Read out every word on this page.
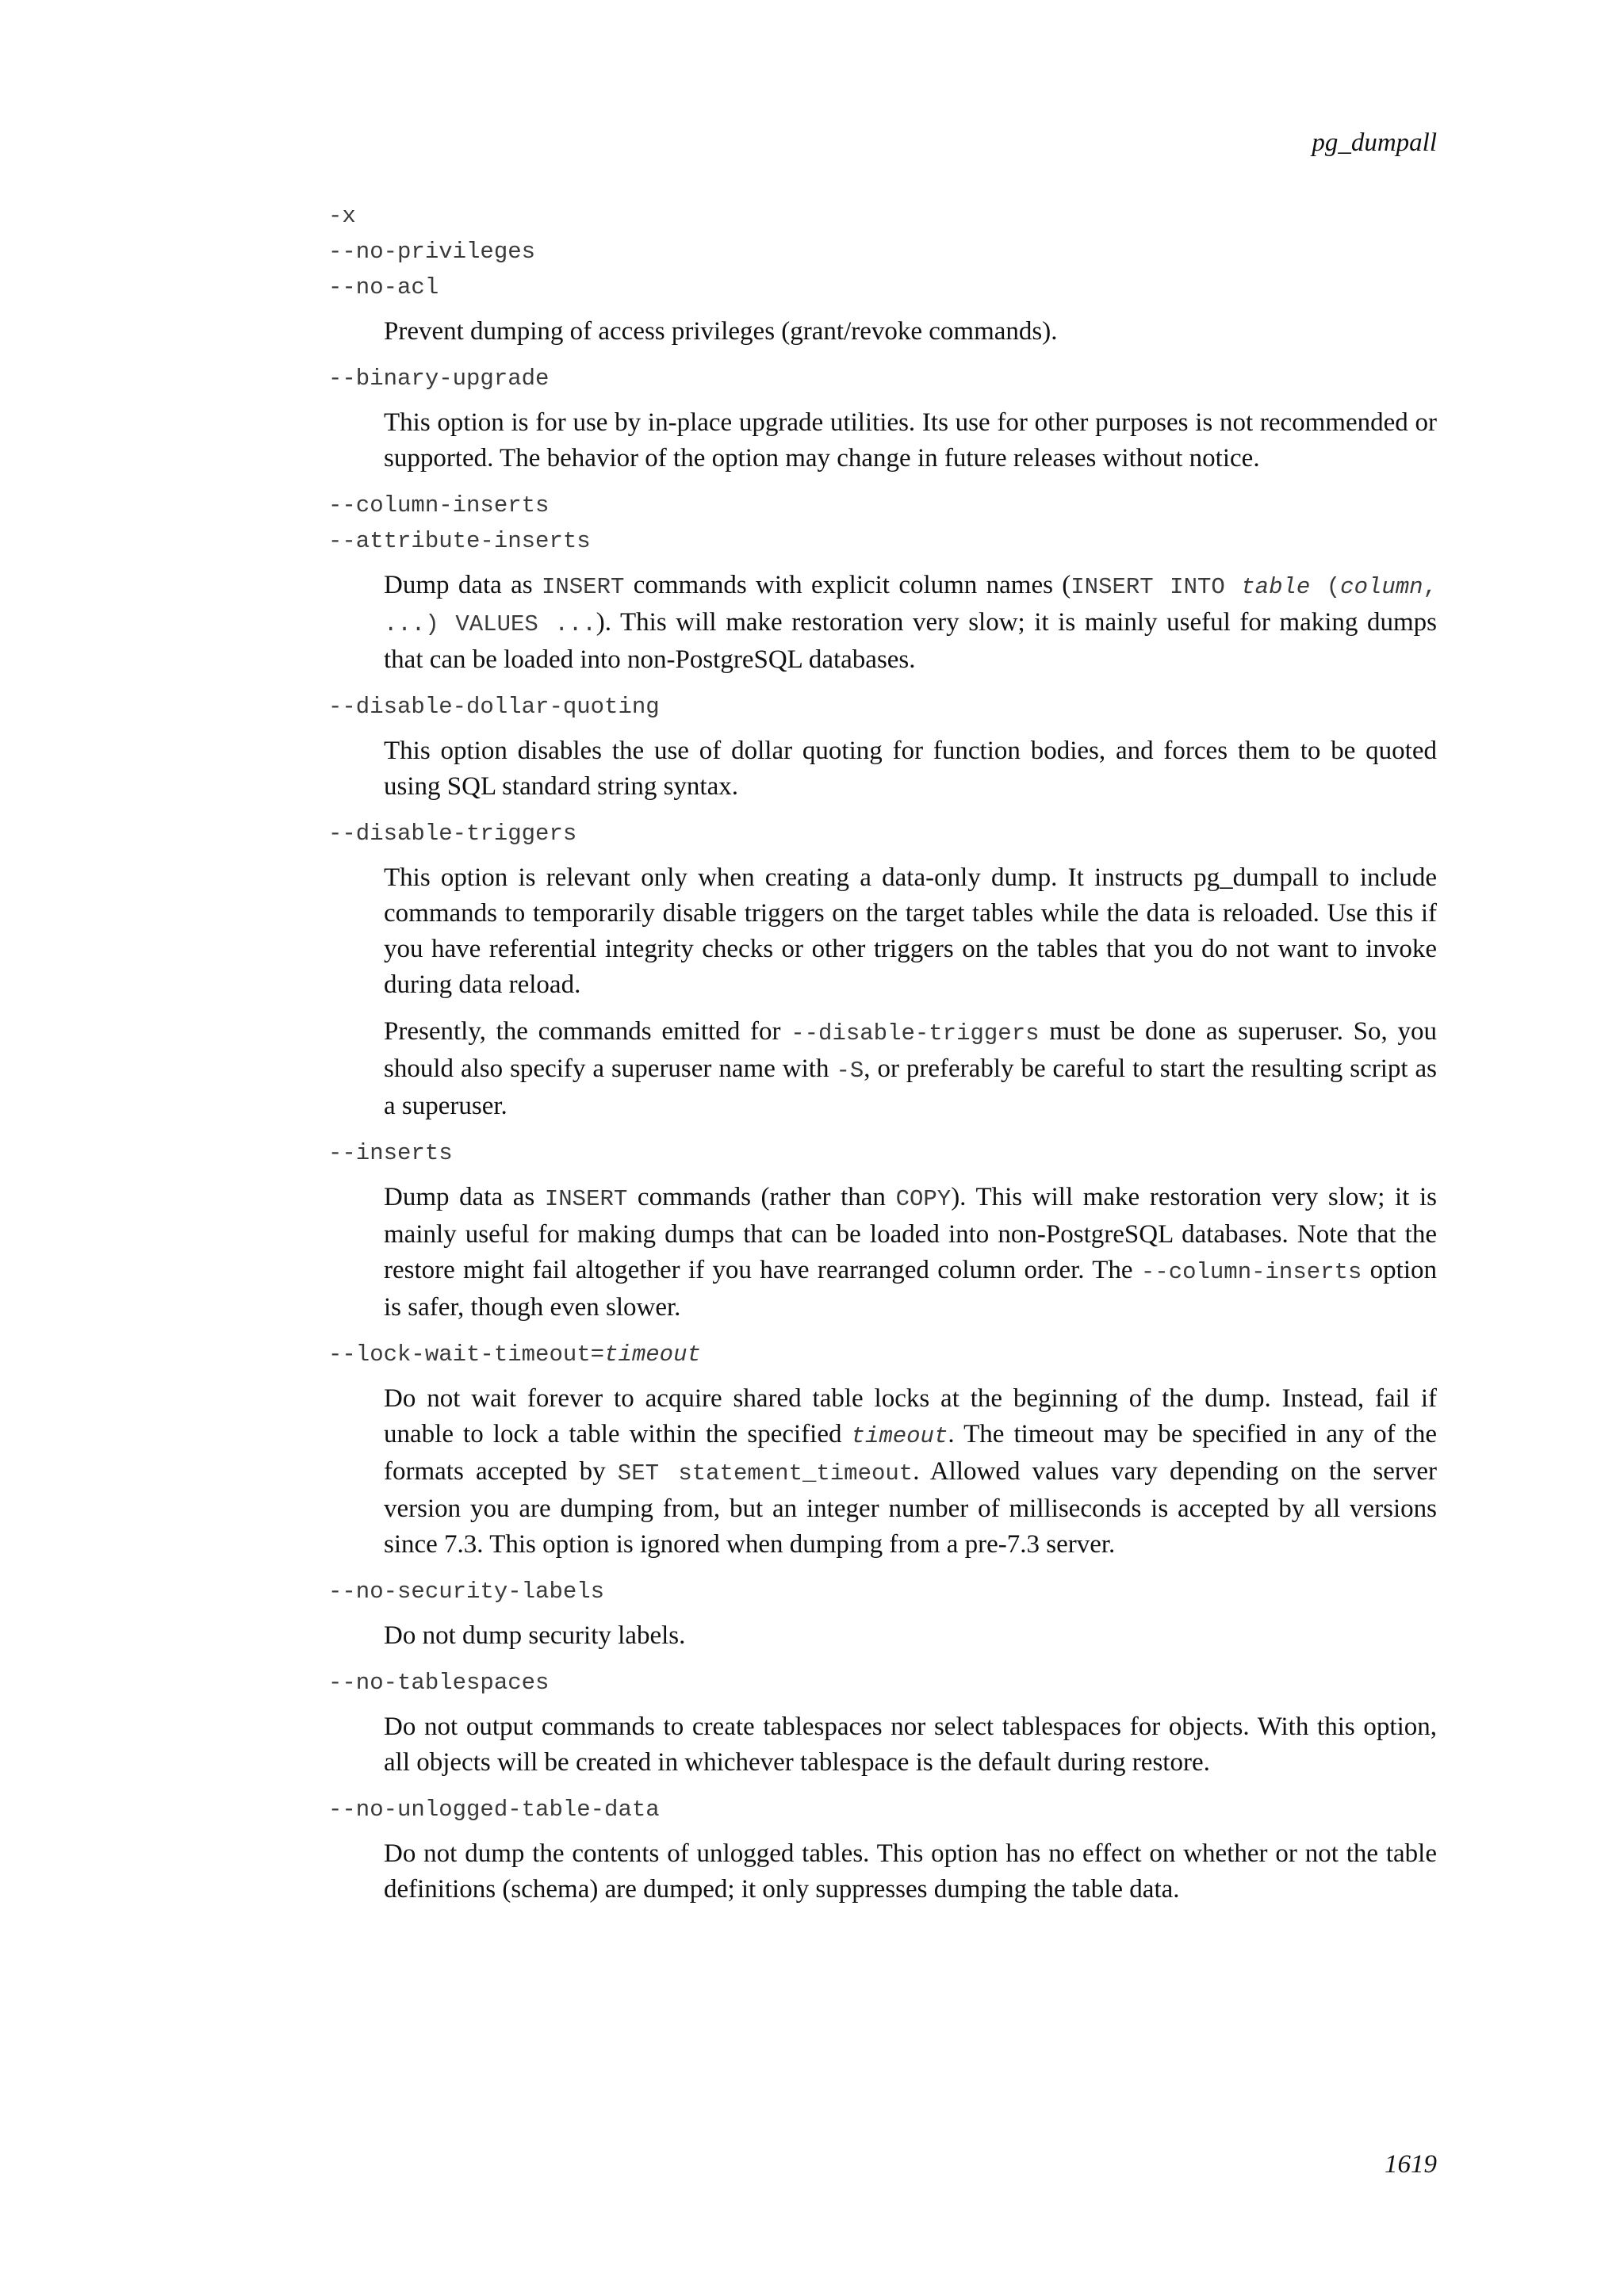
pg_dumpall
-x
--no-privileges
--no-acl

Prevent dumping of access privileges (grant/revoke commands).

--binary-upgrade

This option is for use by in-place upgrade utilities. Its use for other purposes is not recommended or supported. The behavior of the option may change in future releases without notice.

--column-inserts
--attribute-inserts

Dump data as INSERT commands with explicit column names (INSERT INTO table (column, ...) VALUES ...). This will make restoration very slow; it is mainly useful for making dumps that can be loaded into non-PostgreSQL databases.

--disable-dollar-quoting

This option disables the use of dollar quoting for function bodies, and forces them to be quoted using SQL standard string syntax.

--disable-triggers

This option is relevant only when creating a data-only dump. It instructs pg_dumpall to include commands to temporarily disable triggers on the target tables while the data is reloaded. Use this if you have referential integrity checks or other triggers on the tables that you do not want to invoke during data reload.

Presently, the commands emitted for --disable-triggers must be done as superuser. So, you should also specify a superuser name with -S, or preferably be careful to start the resulting script as a superuser.

--inserts

Dump data as INSERT commands (rather than COPY). This will make restoration very slow; it is mainly useful for making dumps that can be loaded into non-PostgreSQL databases. Note that the restore might fail altogether if you have rearranged column order. The --column-inserts option is safer, though even slower.

--lock-wait-timeout=timeout

Do not wait forever to acquire shared table locks at the beginning of the dump. Instead, fail if unable to lock a table within the specified timeout. The timeout may be specified in any of the formats accepted by SET statement_timeout. Allowed values vary depending on the server version you are dumping from, but an integer number of milliseconds is accepted by all versions since 7.3. This option is ignored when dumping from a pre-7.3 server.

--no-security-labels

Do not dump security labels.

--no-tablespaces

Do not output commands to create tablespaces nor select tablespaces for objects. With this option, all objects will be created in whichever tablespace is the default during restore.

--no-unlogged-table-data

Do not dump the contents of unlogged tables. This option has no effect on whether or not the table definitions (schema) are dumped; it only suppresses dumping the table data.

1619
